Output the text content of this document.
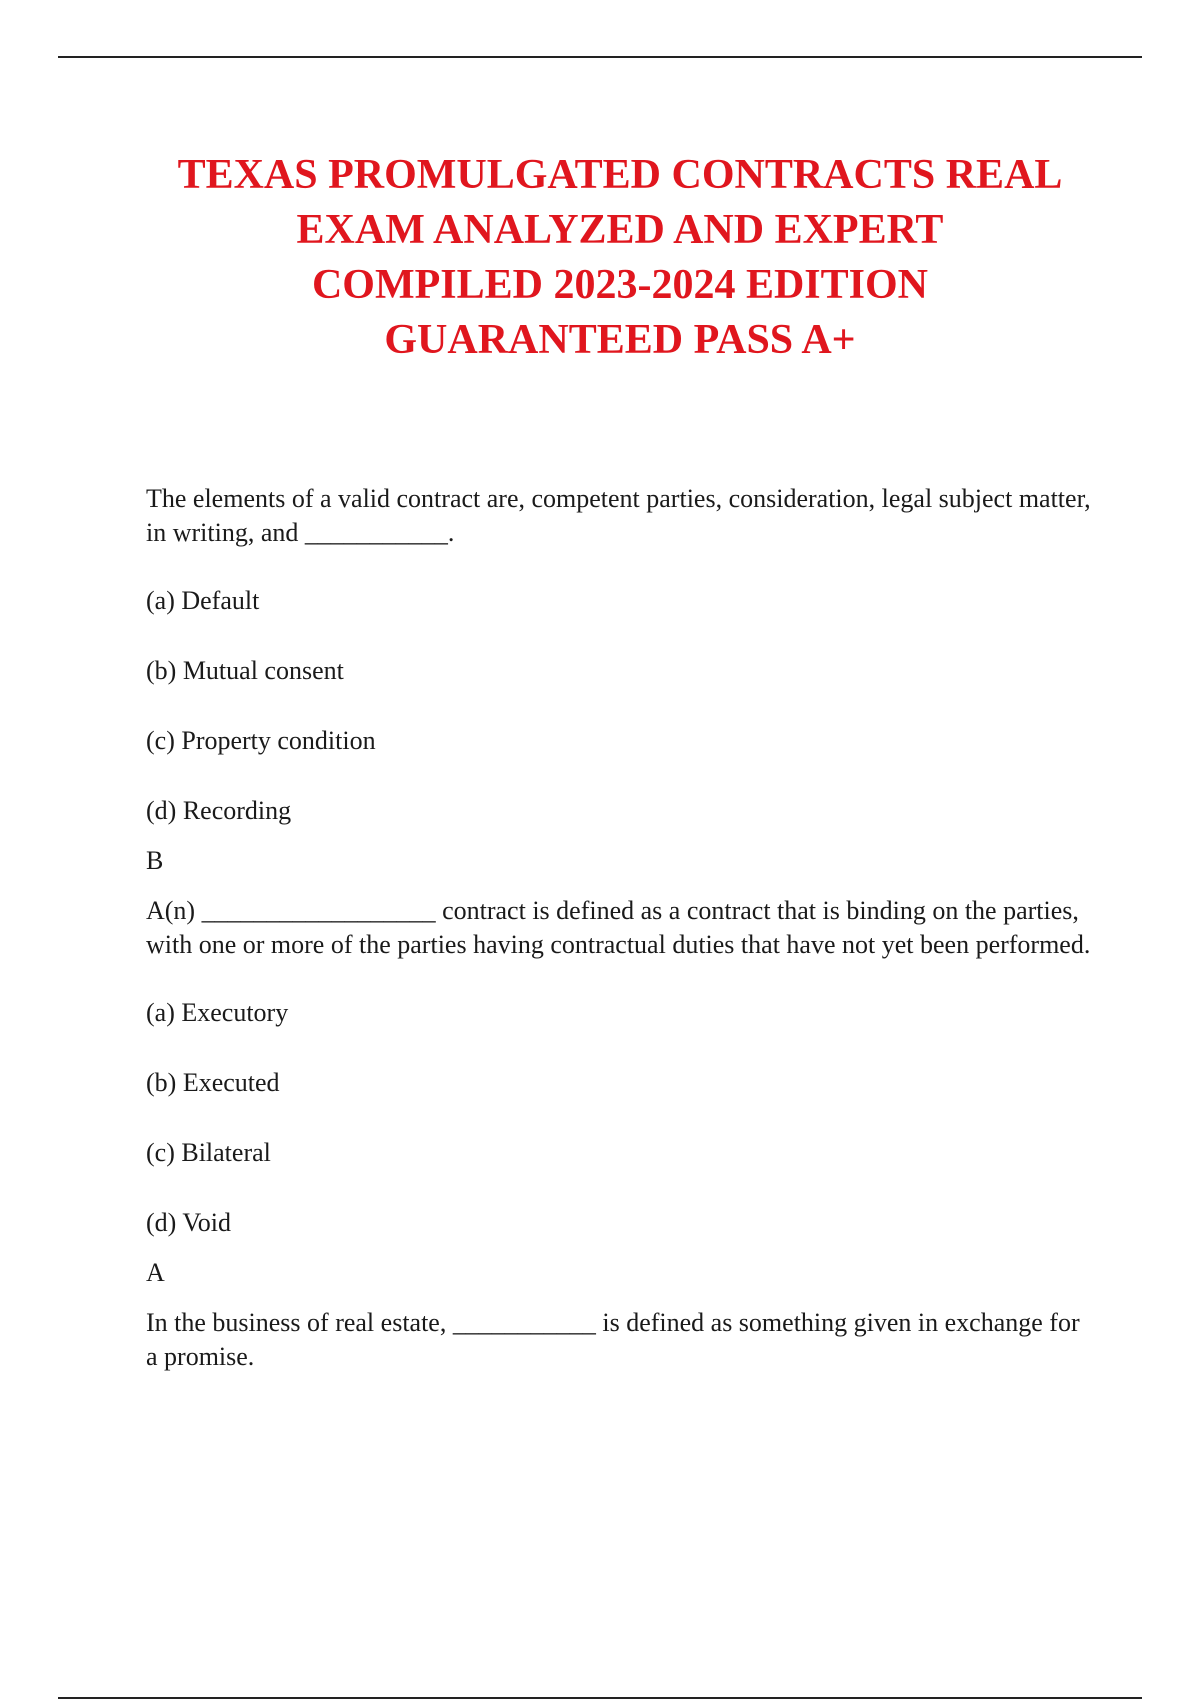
TEXAS PROMULGATED CONTRACTS REAL
EXAM ANALYZED AND EXPERT
COMPILED 2023-2024 EDITION
GUARANTEED PASS A+

The elements of a valid contract are, competent parties, consideration, legal subject matter, in writing, and ___________.

(a) Default

(b) Mutual consent

(c) Property condition

(d) Recording

B

A(n) __________________ contract is defined as a contract that is binding on the parties, with one or more of the parties having contractual duties that have not yet been performed.

(a) Executory

(b) Executed

(c) Bilateral

(d) Void

A

In the business of real estate, ___________ is defined as something given in exchange for a promise.
